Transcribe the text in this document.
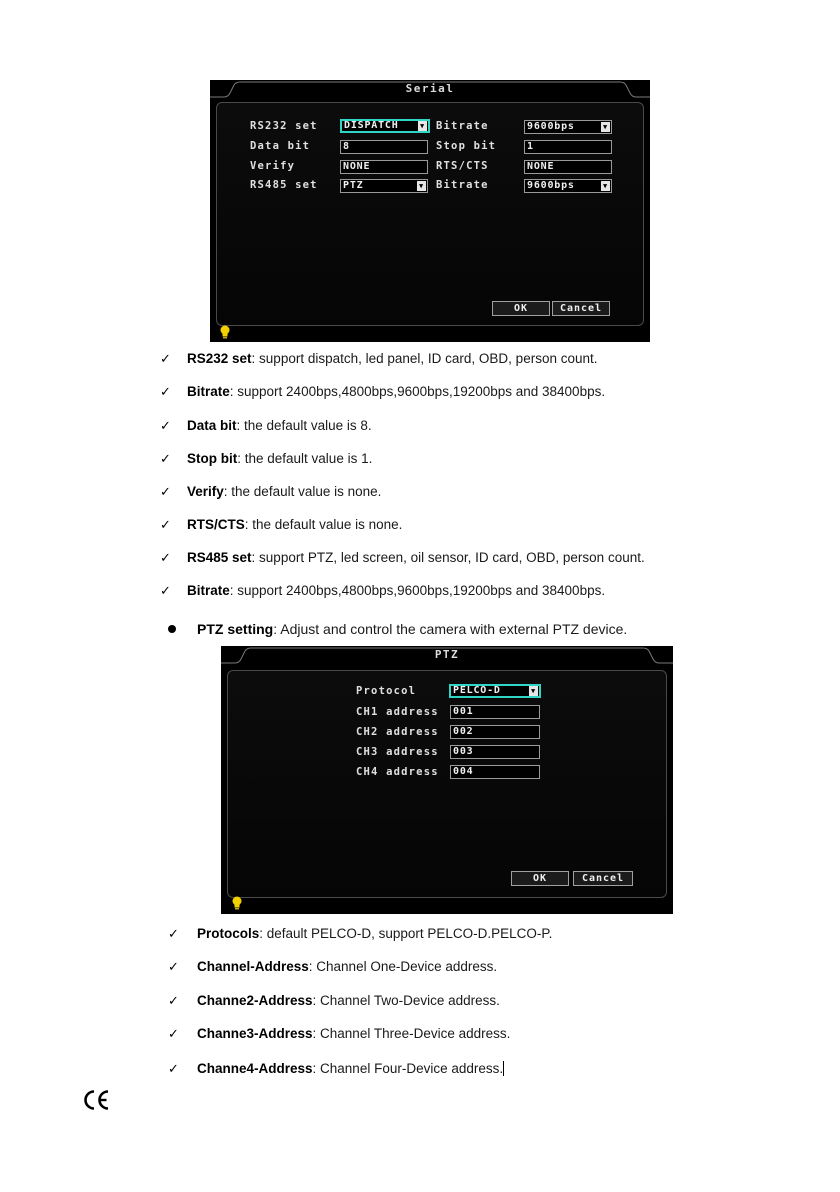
Serial
RS232 set	DISPATCH	▼ Bitrate	9600bps	▼
Data bit	8	Stop bit	1
Verify	NONE	RTS/CTS	NONE
RS485 set	PTZ	▼ Bitrate	9600bps	▼
OK	Cancel
✓ RS232 set: support dispatch, led panel, ID card, OBD, person count.
✓ Bitrate: support 2400bps,4800bps,9600bps,19200bps and 38400bps.
✓ Data bit: the default value is 8.
✓ Stop bit: the default value is 1.
✓ Verify: the default value is none.
✓ RTS/CTS: the default value is none.
✓ RS485 set: support PTZ, led screen, oil sensor, ID card, OBD, person count.
✓ Bitrate: support 2400bps,4800bps,9600bps,19200bps and 38400bps.
PTZ setting: Adjust and control the camera with external PTZ device.
PTZ
Protocol	PELCO-D	▼
CH1 address	001
CH2 address	002
CH3 address	003
CH4 address	004
OK	Cancel
✓ Protocols: default PELCO-D, support PELCO-D.PELCO-P.
✓ Channel-Address: Channel One-Device address.
✓ Channe2-Address: Channel Two-Device address.
✓ Channe3-Address: Channel Three-Device address.
✓ Channe4-Address: Channel Four-Device address.
